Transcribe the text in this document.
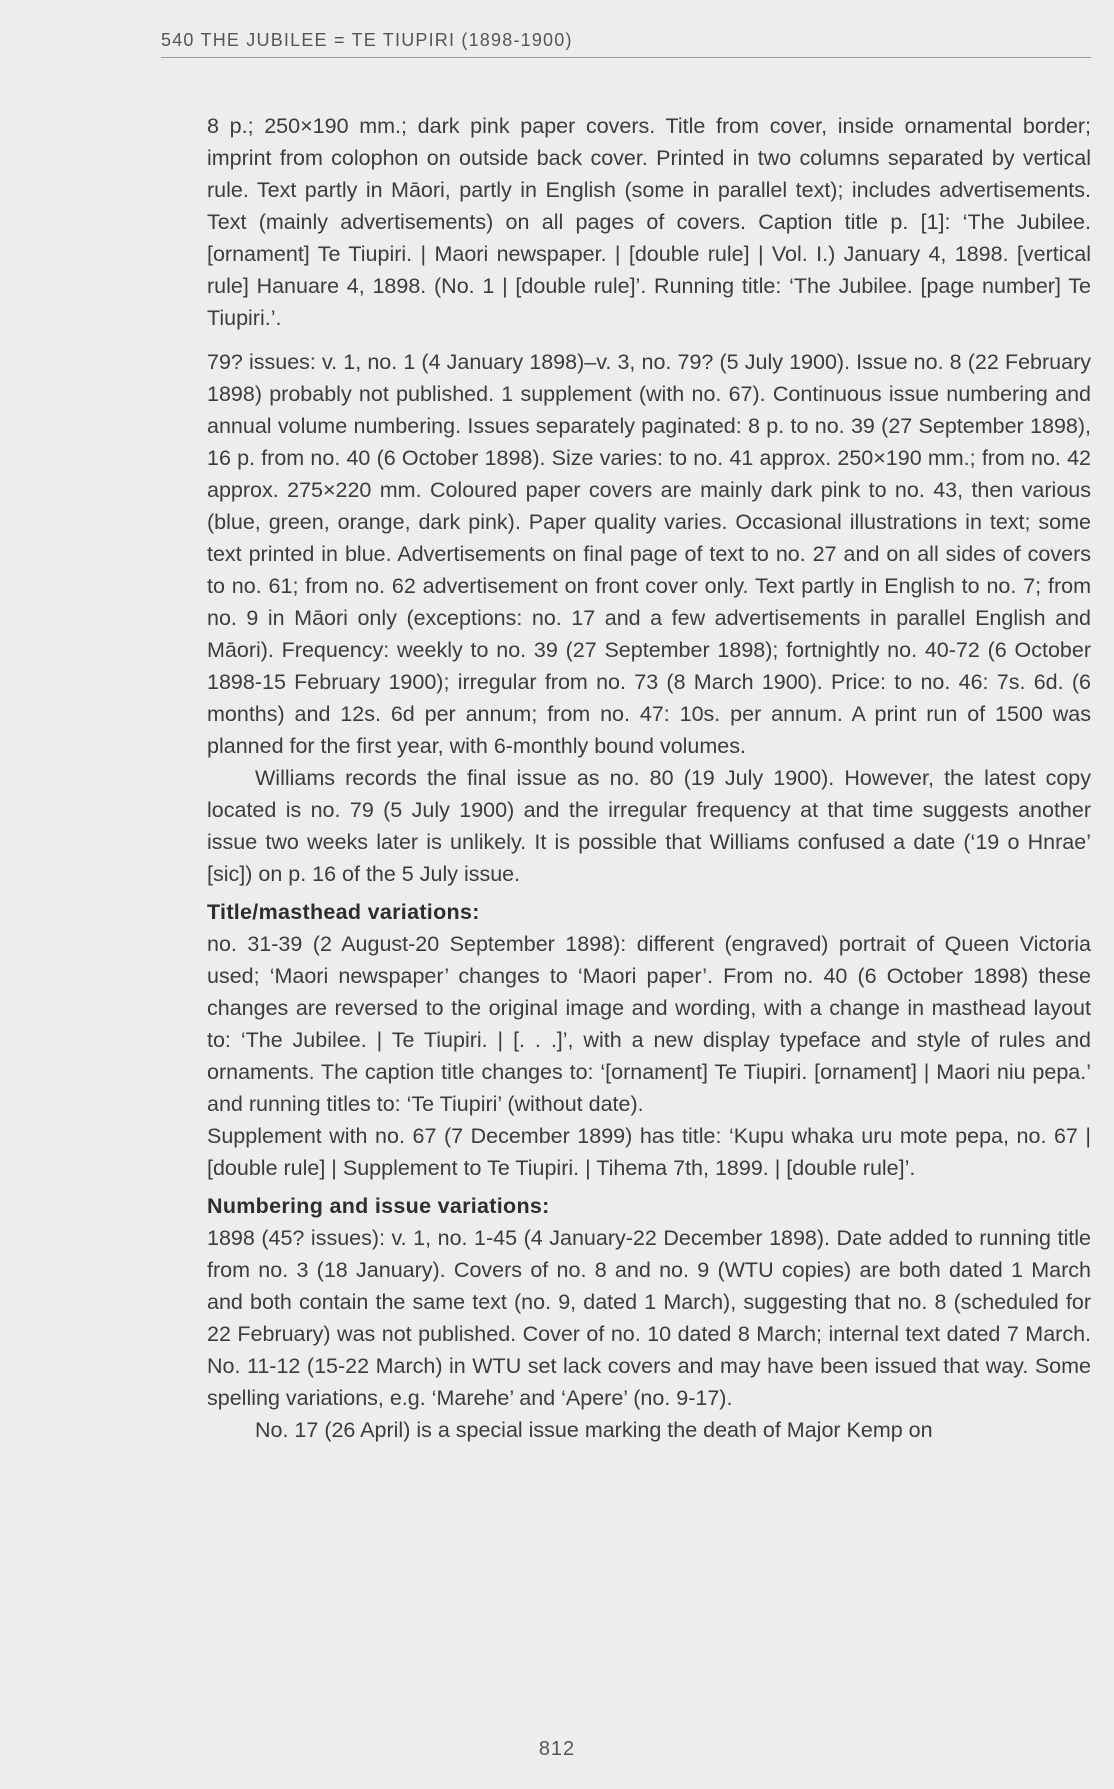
540 THE JUBILEE = TE TIUPIRI (1898-1900)

8 p.; 250×190 mm.; dark pink paper covers. Title from cover, inside ornamental border; imprint from colophon on outside back cover. Printed in two columns separated by vertical rule. Text partly in Māori, partly in English (some in parallel text); includes advertisements. Text (mainly advertisements) on all pages of covers. Caption title p. [1]: ‘The Jubilee. [ornament] Te Tiupiri. | Maori newspaper. | [double rule] | Vol. I.) January 4, 1898. [vertical rule] Hanuare 4, 1898. (No. 1 | [double rule]’. Running title: ‘The Jubilee. [page number] Te Tiupiri.’.

79? issues: v. 1, no. 1 (4 January 1898)–v. 3, no. 79? (5 July 1900). Issue no. 8 (22 February 1898) probably not published. 1 supplement (with no. 67). Continuous issue numbering and annual volume numbering. Issues separately paginated: 8 p. to no. 39 (27 September 1898), 16 p. from no. 40 (6 October 1898). Size varies: to no. 41 approx. 250×190 mm.; from no. 42 approx. 275×220 mm. Coloured paper covers are mainly dark pink to no. 43, then various (blue, green, orange, dark pink). Paper quality varies. Occasional illustrations in text; some text printed in blue. Advertisements on final page of text to no. 27 and on all sides of covers to no. 61; from no. 62 advertisement on front cover only. Text partly in English to no. 7; from no. 9 in Māori only (exceptions: no. 17 and a few advertisements in parallel English and Māori). Frequency: weekly to no. 39 (27 September 1898); fortnightly no. 40-72 (6 October 1898-15 February 1900); irregular from no. 73 (8 March 1900). Price: to no. 46: 7s. 6d. (6 months) and 12s. 6d per annum; from no. 47: 10s. per annum. A print run of 1500 was planned for the first year, with 6-monthly bound volumes.

Williams records the final issue as no. 80 (19 July 1900). However, the latest copy located is no. 79 (5 July 1900) and the irregular frequency at that time suggests another issue two weeks later is unlikely. It is possible that Williams confused a date (‘19 o Hnrae’ [sic]) on p. 16 of the 5 July issue.

Title/masthead variations:

no. 31-39 (2 August-20 September 1898): different (engraved) portrait of Queen Victoria used; ‘Maori newspaper’ changes to ‘Maori paper’. From no. 40 (6 October 1898) these changes are reversed to the original image and wording, with a change in masthead layout to: ‘The Jubilee. | Te Tiupiri. | [. . .]’, with a new display typeface and style of rules and ornaments. The caption title changes to: ‘[ornament] Te Tiupiri. [ornament] | Maori niu pepa.’ and running titles to: ‘Te Tiupiri’ (without date).

Supplement with no. 67 (7 December 1899) has title: ‘Kupu whaka uru mote pepa, no. 67 | [double rule] | Supplement to Te Tiupiri. | Tihema 7th, 1899. | [double rule]’.

Numbering and issue variations:

1898 (45? issues): v. 1, no. 1-45 (4 January-22 December 1898). Date added to running title from no. 3 (18 January). Covers of no. 8 and no. 9 (WTU copies) are both dated 1 March and both contain the same text (no. 9, dated 1 March), suggesting that no. 8 (scheduled for 22 February) was not published. Cover of no. 10 dated 8 March; internal text dated 7 March. No. 11-12 (15-22 March) in WTU set lack covers and may have been issued that way. Some spelling variations, e.g. ‘Marehe’ and ‘Apere’ (no. 9-17).

No. 17 (26 April) is a special issue marking the death of Major Kemp on

812
